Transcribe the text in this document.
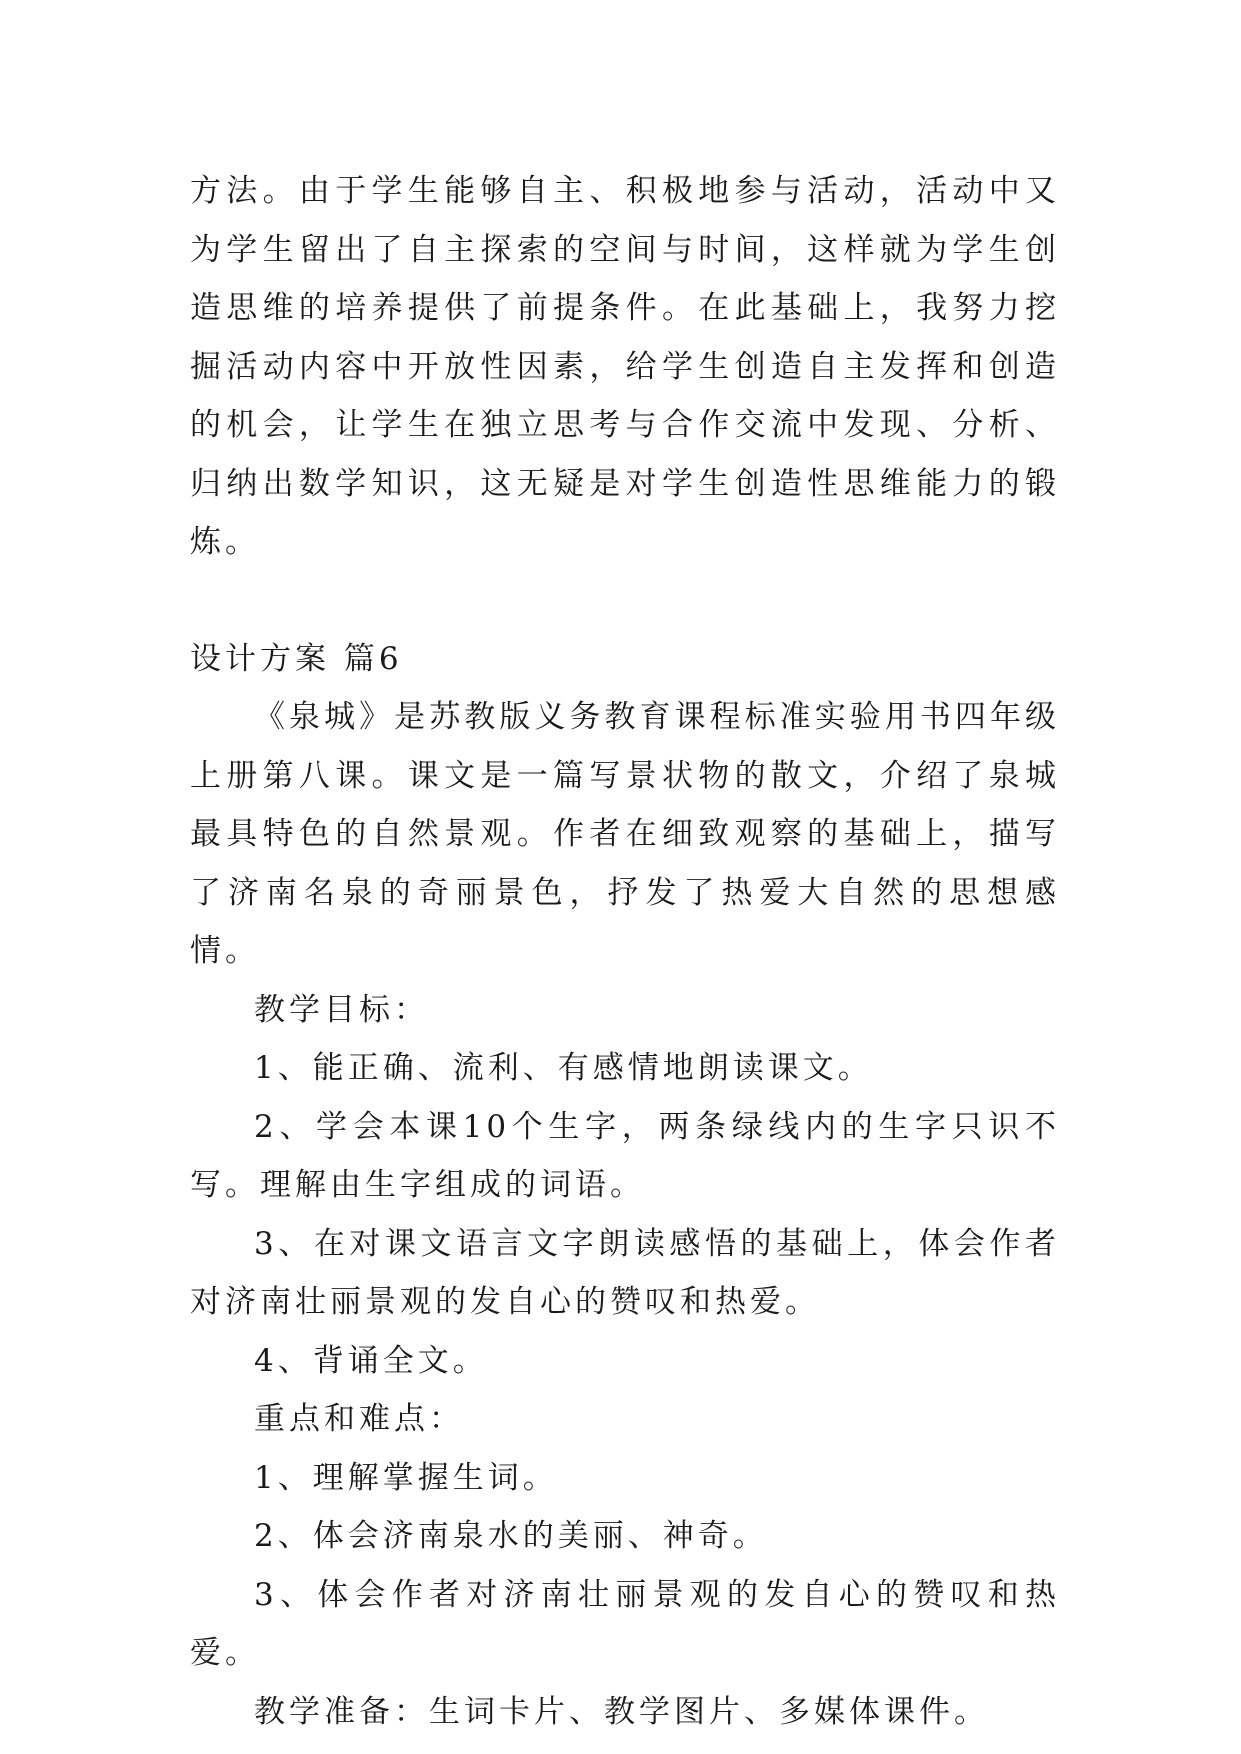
方法。由于学生能够自主、积极地参与活动，活动中又为学生留出了自主探索的空间与时间，这样就为学生创造思维的培养提供了前提条件。在此基础上，我努力挖掘活动内容中开放性因素，给学生创造自主发挥和创造的机会，让学生在独立思考与合作交流中发现、分析、归纳出数学知识，这无疑是对学生创造性思维能力的锻炼。

设计方案 篇6

《泉城》是苏教版义务教育课程标准实验用书四年级上册第八课。课文是一篇写景状物的散文，介绍了泉城最具特色的自然景观。作者在细致观察的基础上，描写了济南名泉的奇丽景色，抒发了热爱大自然的思想感情。

教学目标：

1、能正确、流利、有感情地朗读课文。

2、学会本课10个生字，两条绿线内的生字只识不写。理解由生字组成的词语。

3、在对课文语言文字朗读感悟的基础上，体会作者对济南壮丽景观的发自心的赞叹和热爱。

4、背诵全文。

重点和难点：

1、理解掌握生词。

2、体会济南泉水的美丽、神奇。

3、体会作者对济南壮丽景观的发自心的赞叹和热爱。

教学准备：生词卡片、教学图片、多媒体课件。
